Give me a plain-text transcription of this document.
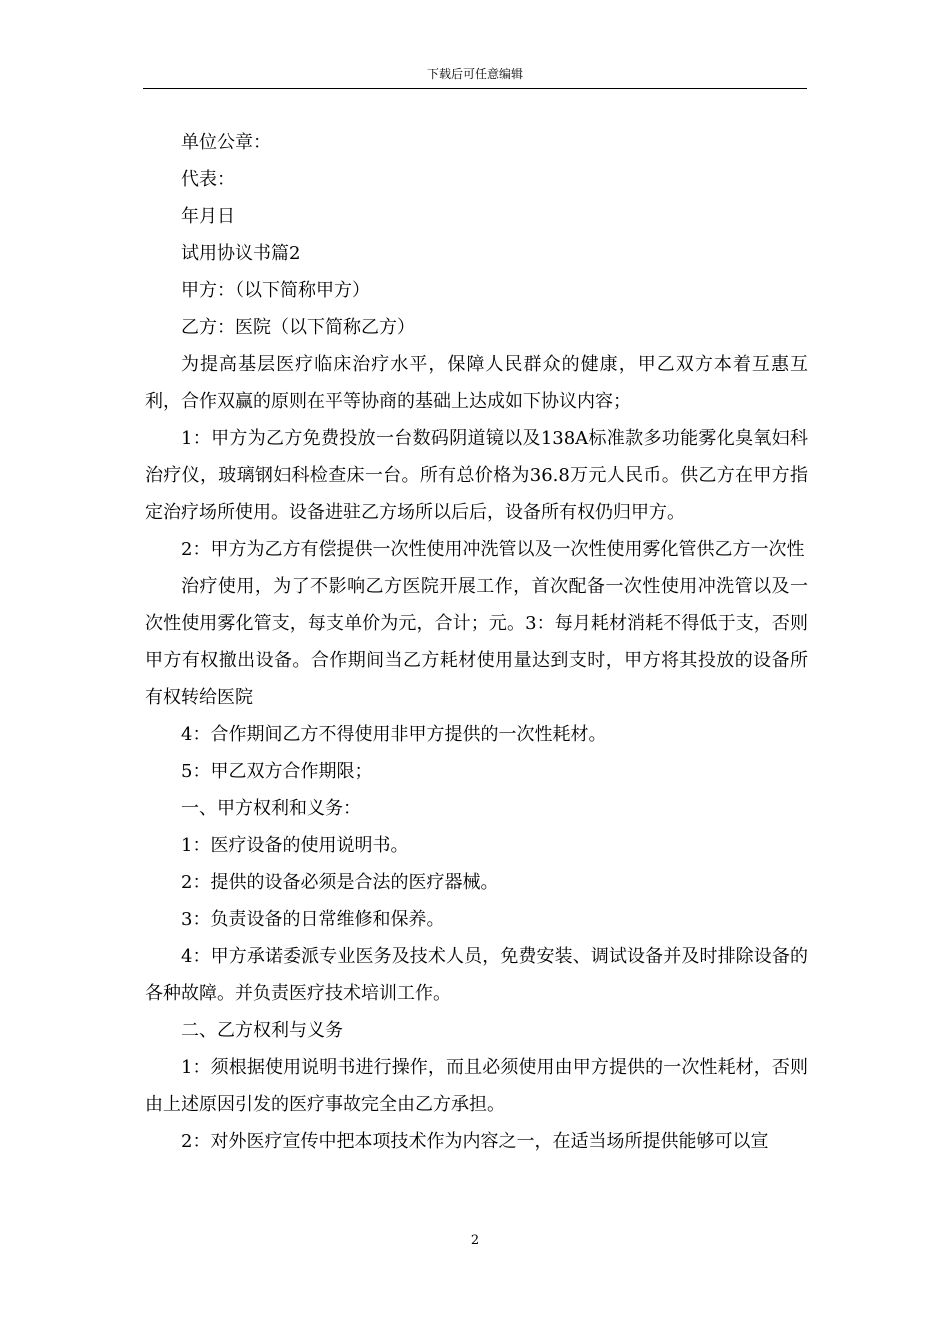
下载后可任意编辑

单位公章：

代表：

年月日

试用协议书篇2

甲方：（以下简称甲方）

乙方：医院（以下简称乙方）

为提高基层医疗临床治疗水平，保障人民群众的健康，甲乙双方本着互惠互利，合作双赢的原则在平等协商的基础上达成如下协议内容；

1：甲方为乙方免费投放一台数码阴道镜以及138A标准款多功能雾化臭氧妇科治疗仪，玻璃钢妇科检查床一台。所有总价格为36.8万元人民币。供乙方在甲方指定治疗场所使用。设备进驻乙方场所以后后，设备所有权仍归甲方。

2：甲方为乙方有偿提供一次性使用冲洗管以及一次性使用雾化管供乙方一次性

治疗使用，为了不影响乙方医院开展工作，首次配备一次性使用冲洗管以及一次性使用雾化管支，每支单价为元，合计；元。3：每月耗材消耗不得低于支，否则甲方有权撤出设备。合作期间当乙方耗材使用量达到支时，甲方将其投放的设备所有权转给医院

4：合作期间乙方不得使用非甲方提供的一次性耗材。

5：甲乙双方合作期限；

一、甲方权利和义务：

1：医疗设备的使用说明书。

2：提供的设备必须是合法的医疗器械。

3：负责设备的日常维修和保养。

4：甲方承诺委派专业医务及技术人员，免费安装、调试设备并及时排除设备的各种故障。并负责医疗技术培训工作。

二、乙方权利与义务

1：须根据使用说明书进行操作，而且必须使用由甲方提供的一次性耗材，否则由上述原因引发的医疗事故完全由乙方承担。

2：对外医疗宣传中把本项技术作为内容之一，在适当场所提供能够可以宣

2
